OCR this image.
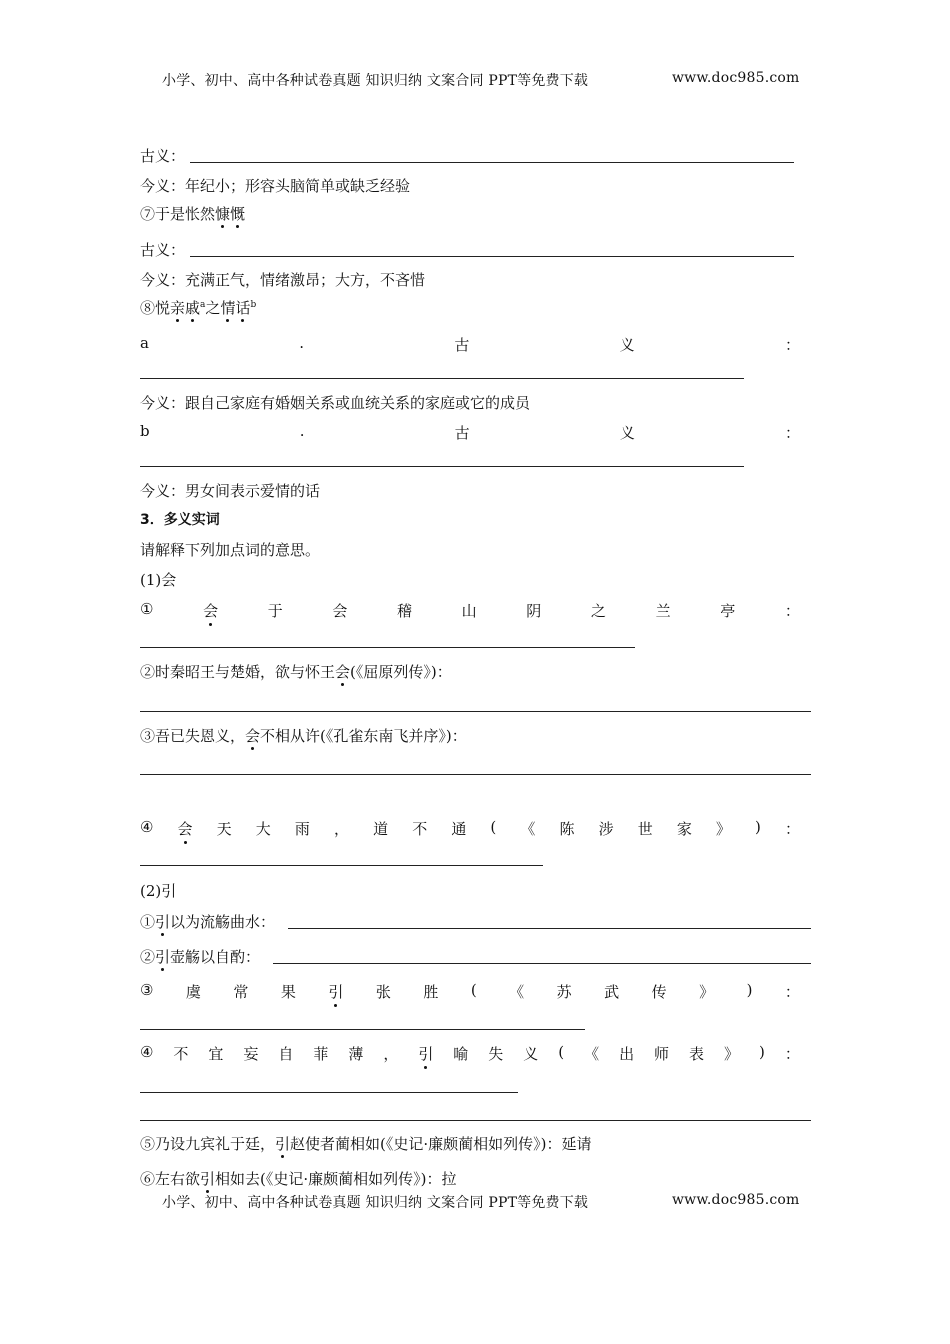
小学、初中、高中各种试卷真题 知识归纳 文案合同 PPT等免费下载	www.doc985.com
古义：
今义：年纪小；形容头脑简单或缺乏经验
⑦于是怅然慷慨
古义：
今义：充满正气，情绪激昂；大方，不吝惜
⑧悦亲戚$^a$之情话$^b$
a	.	古	义	：
今义：跟自己家庭有婚姻关系或血统关系的家庭或它的成员
b	.	古	义	：
今义：男女间表示爱情的话
3．多义实词
请解释下列加点词的意思。
(1)会
①	会	于	会	稽	山	阴	之	兰	亭	：
②时秦昭王与楚婚，欲与怀王会(《屈原列传》)：
③吾已失恩义，会不相从许(《孔雀东南飞并序》)：
④ 会 天 大 雨 ， 道 不 通 ( 《 陈 涉 世 家 》 ) ：
(2)引
①引以为流觞曲水：
②引壶觞以自酌：
③ 虞 常 果 引 张 胜 ( 《 苏 武 传 》 ) ：
④ 不 宜 妄 自 菲 薄 ， 引 喻 失 义 ( 《 出 师 表 》 ) ：
⑤乃设九宾礼于廷，引赵使者蔺相如(《史记·廉颇蔺相如列传》)：延请
⑥左右欲引相如去(《史记·廉颇蔺相如列传》)：拉
小学、初中、高中各种试卷真题 知识归纳 文案合同 PPT等免费下载	www.doc985.com
